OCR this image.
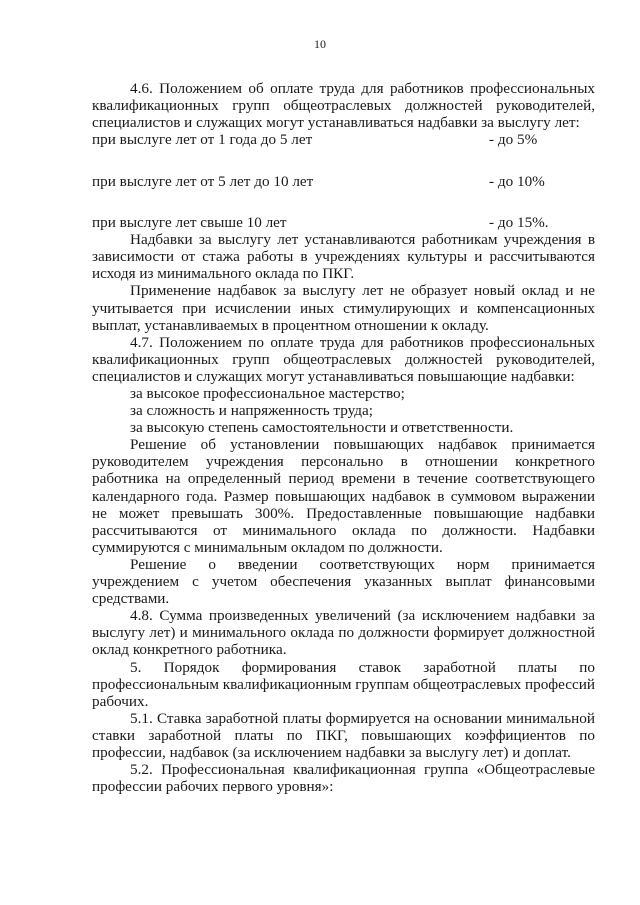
10

4.6. Положением об оплате труда для работников профессиональных квалификационных групп общеотраслевых должностей руководителей, специалистов и служащих могут устанавливаться надбавки за выслугу лет:

при выслуге лет от 1 года до 5 лет	- до 5%
при выслуге лет от 5 лет до 10 лет	- до 10%
при выслуге лет свыше 10 лет	- до 15%.

Надбавки за выслугу лет устанавливаются работникам учреждения в зависимости от стажа работы в учреждениях культуры и рассчитываются исходя из минимального оклада по ПКГ.

Применение надбавок за выслугу лет не образует новый оклад и не учитывается при исчислении иных стимулирующих и компенсационных выплат, устанавливаемых в процентном отношении к окладу.

4.7. Положением по оплате труда для работников профессиональных квалификационных групп общеотраслевых должностей руководителей, специалистов и служащих могут устанавливаться повышающие надбавки:

за высокое профессиональное мастерство;

за сложность и напряженность труда;

за высокую степень самостоятельности и ответственности.

Решение об установлении повышающих надбавок принимается руководителем учреждения персонально в отношении конкретного работника на определенный период времени в течение соответствующего календарного года. Размер повышающих надбавок в суммовом выражении не может превышать 300%. Предоставленные повышающие надбавки рассчитываются от минимального оклада по должности. Надбавки суммируются с минимальным окладом по должности.

Решение о введении соответствующих норм принимается учреждением с учетом обеспечения указанных выплат финансовыми средствами.

4.8. Сумма произведенных увеличений (за исключением надбавки за выслугу лет) и минимального оклада по должности формирует должностной оклад конкретного работника.

5. Порядок формирования ставок заработной платы по профессиональным квалификационным группам общеотраслевых профессий рабочих.

5.1. Ставка заработной платы формируется на основании минимальной ставки заработной платы по ПКГ, повышающих коэффициентов по профессии, надбавок (за исключением надбавки за выслугу лет) и доплат.

5.2. Профессиональная квалификационная группа «Общеотраслевые профессии рабочих первого уровня»:
